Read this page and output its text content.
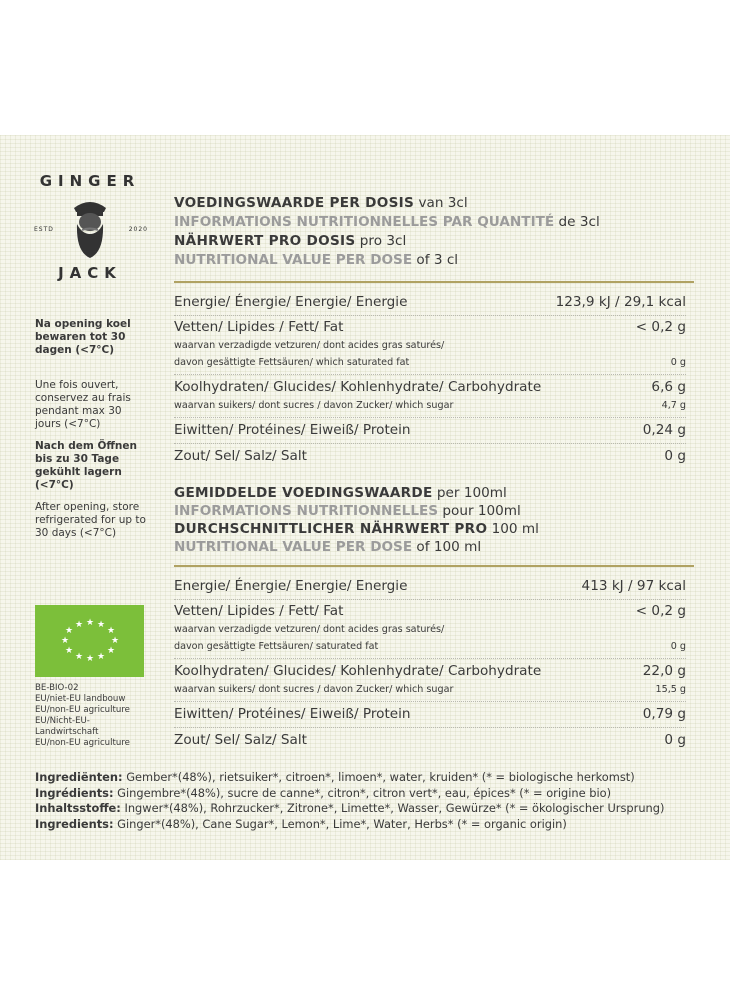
GINGER
ESTD	2020
JACK

Na opening koel bewaren tot 30 dagen (<7°C)

Une fois ouvert, conservez au frais pendant max 30 jours (<7°C)

Nach dem Öffnen bis zu 30 Tage gekühlt lagern (<7°C)

After opening, store refrigerated for up to 30 days (<7°C)

★
★ ★ ★
★
★
★
★
★
★
★
★
BE-BIO-02
EU/niet-EU landbouw
EU/non-EU agriculture
EU/Nicht-EU-
Landwirtschaft
EU/non-EU agriculture
VOEDINGSWAARDE PER DOSIS van 3cl
INFORMATIONS NUTRITIONNELLES PAR QUANTITÉ de 3cl
NÄHRWERT PRO DOSIS pro 3cl
NUTRITIONAL VALUE PER DOSE of 3 cl
Energie/ Énergie/ Energie/ Energie	123,9 kJ / 29,1 kcal
Vetten/ Lipides / Fett/ Fat	< 0,2 g
waarvan verzadigde vetzuren/ dont acides gras saturés/
davon gesättigte Fettsäuren/ which saturated fat	0 g
Koolhydraten/ Glucides/ Kohlenhydrate/ Carbohydrate	6,6 g
waarvan suikers/ dont sucres / davon Zucker/ which sugar	4,7 g
Eiwitten/ Protéines/ Eiweiß/ Protein	0,24 g
Zout/ Sel/ Salz/ Salt	0 g
GEMIDDELDE VOEDINGSWAARDE per 100ml
INFORMATIONS NUTRITIONNELLES pour 100ml
DURCHSCHNITTLICHER NÄHRWERT PRO 100 ml
NUTRITIONAL VALUE PER DOSE of 100 ml
Energie/ Énergie/ Energie/ Energie	413 kJ / 97 kcal
Vetten/ Lipides / Fett/ Fat	< 0,2 g
waarvan verzadigde vetzuren/ dont acides gras saturés/
davon gesättigte Fettsäuren/ saturated fat	0 g
Koolhydraten/ Glucides/ Kohlenhydrate/ Carbohydrate	22,0 g
waarvan suikers/ dont sucres / davon Zucker/ which sugar	15,5 g
Eiwitten/ Protéines/ Eiweiß/ Protein	0,79 g
Zout/ Sel/ Salz/ Salt	0 g
Ingrediënten: Gember*(48%), rietsuiker*, citroen*, limoen*, water, kruiden* (* = biologische herkomst)
Ingrédients: Gingembre*(48%), sucre de canne*, citron*, citron vert*, eau, épices* (* = origine bio)
Inhaltsstoffe: Ingwer*(48%), Rohrzucker*, Zitrone*, Limette*, Wasser, Gewürze* (* = ökologischer Ursprung)
Ingredients: Ginger*(48%), Cane Sugar*, Lemon*, Lime*, Water, Herbs* (* = organic origin)
